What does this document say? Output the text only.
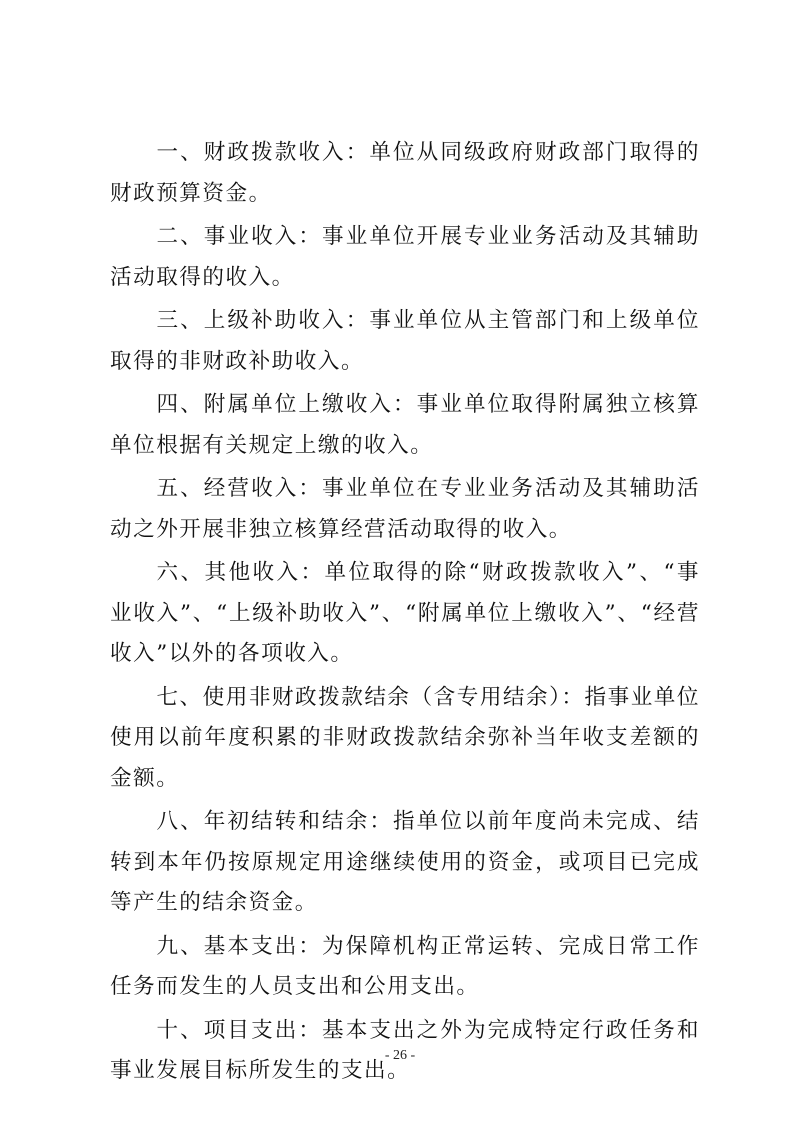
一、财政拨款收入：单位从同级政府财政部门取得的财政预算资金。

二、事业收入：事业单位开展专业业务活动及其辅助活动取得的收入。

三、上级补助收入：事业单位从主管部门和上级单位取得的非财政补助收入。

四、附属单位上缴收入：事业单位取得附属独立核算单位根据有关规定上缴的收入。

五、经营收入：事业单位在专业业务活动及其辅助活动之外开展非独立核算经营活动取得的收入。

六、其他收入：单位取得的除“财政拨款收入”、“事业收入”、“上级补助收入”、“附属单位上缴收入”、“经营收入”以外的各项收入。

七、使用非财政拨款结余（含专用结余）：指事业单位使用以前年度积累的非财政拨款结余弥补当年收支差额的金额。

八、年初结转和结余：指单位以前年度尚未完成、结转到本年仍按原规定用途继续使用的资金，或项目已完成等产生的结余资金。

九、基本支出：为保障机构正常运转、完成日常工作任务而发生的人员支出和公用支出。

十、项目支出：基本支出之外为完成特定行政任务和事业发展目标所发生的支出。

- 26 -
